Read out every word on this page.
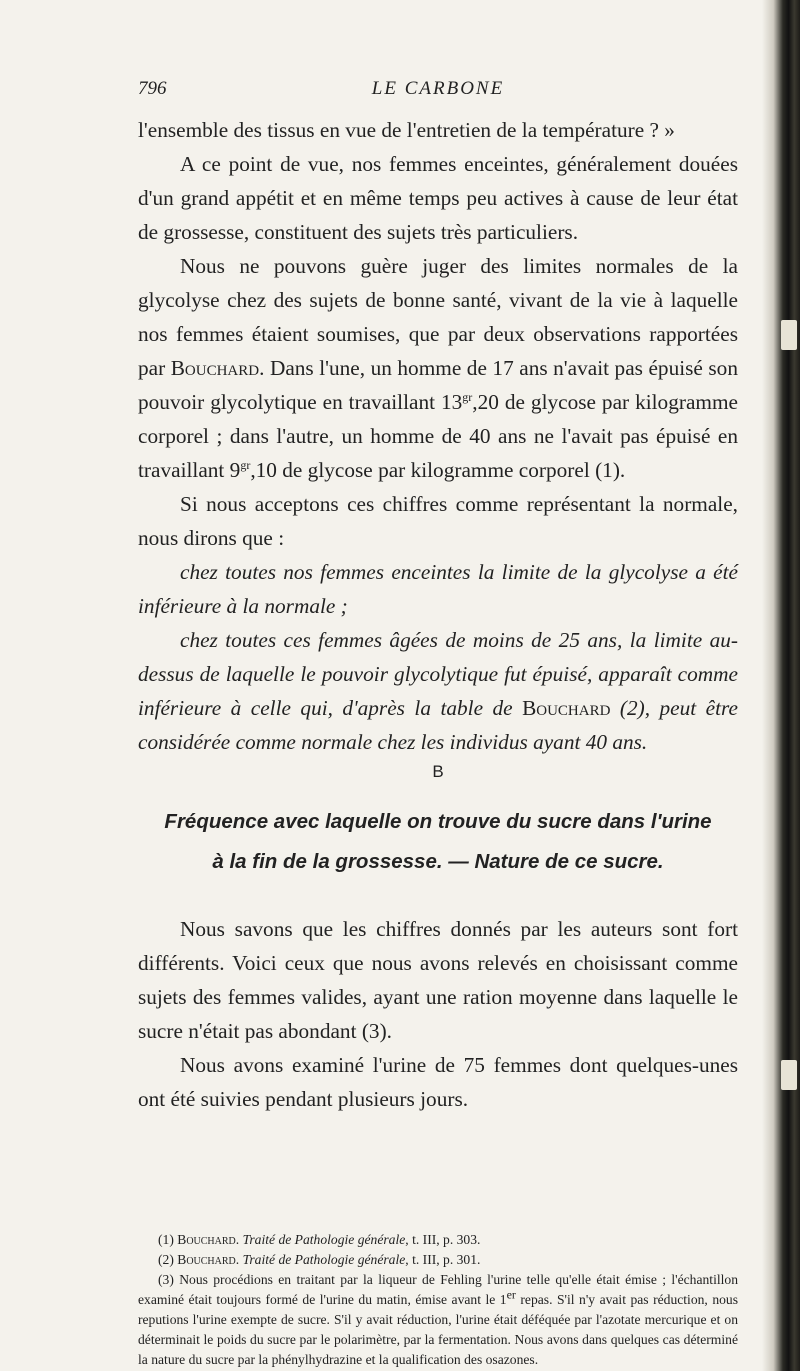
796	LE CARBONE

l'ensemble des tissus en vue de l'entretien de la température ? »

A ce point de vue, nos femmes enceintes, généralement douées d'un grand appétit et en même temps peu actives à cause de leur état de grossesse, constituent des sujets très particuliers.

Nous ne pouvons guère juger des limites normales de la glycolyse chez des sujets de bonne santé, vivant de la vie à laquelle nos femmes étaient soumises, que par deux observations rapportées par Bouchard. Dans l'une, un homme de 17 ans n'avait pas épuisé son pouvoir glycolytique en travaillant $13^{gr},20$ de glycose par kilogramme corporel ; dans l'autre, un homme de 40 ans ne l'avait pas épuisé en travaillant $9^{gr},10$ de glycose par kilogramme corporel (1).

Si nous acceptons ces chiffres comme représentant la normale, nous dirons que :

chez toutes nos femmes enceintes la limite de la glycolyse a été inférieure à la normale ;

chez toutes ces femmes âgées de moins de 25 ans, la limite au-dessus de laquelle le pouvoir glycolytique fut épuisé, apparaît comme inférieure à celle qui, d'après la table de Bouchard (2), peut être considérée comme normale chez les individus ayant 40 ans.

B
Fréquence avec laquelle on trouve du sucre dans l'urine
à la fin de la grossesse. — Nature de ce sucre.

Nous savons que les chiffres donnés par les auteurs sont fort différents. Voici ceux que nous avons relevés en choisissant comme sujets des femmes valides, ayant une ration moyenne dans laquelle le sucre n'était pas abondant (3).

Nous avons examiné l'urine de 75 femmes dont quelques-unes ont été suivies pendant plusieurs jours.

(1) Bouchard. Traité de Pathologie générale, t. III, p. 303.

(2) Bouchard. Traité de Pathologie générale, t. III, p. 301.

(3) Nous procédions en traitant par la liqueur de Fehling l'urine telle qu'elle était émise ; l'échantillon examiné était toujours formé de l'urine du matin, émise avant le 1er repas. S'il n'y avait pas réduction, nous reputions l'urine exempte de sucre. S'il y avait réduction, l'urine était déféquée par l'azotate mercurique et on déterminait le poids du sucre par le polarimètre, par la fermentation. Nous avons dans quelques cas déterminé la nature du sucre par la phénylhydrazine et la qualification des osazones.
